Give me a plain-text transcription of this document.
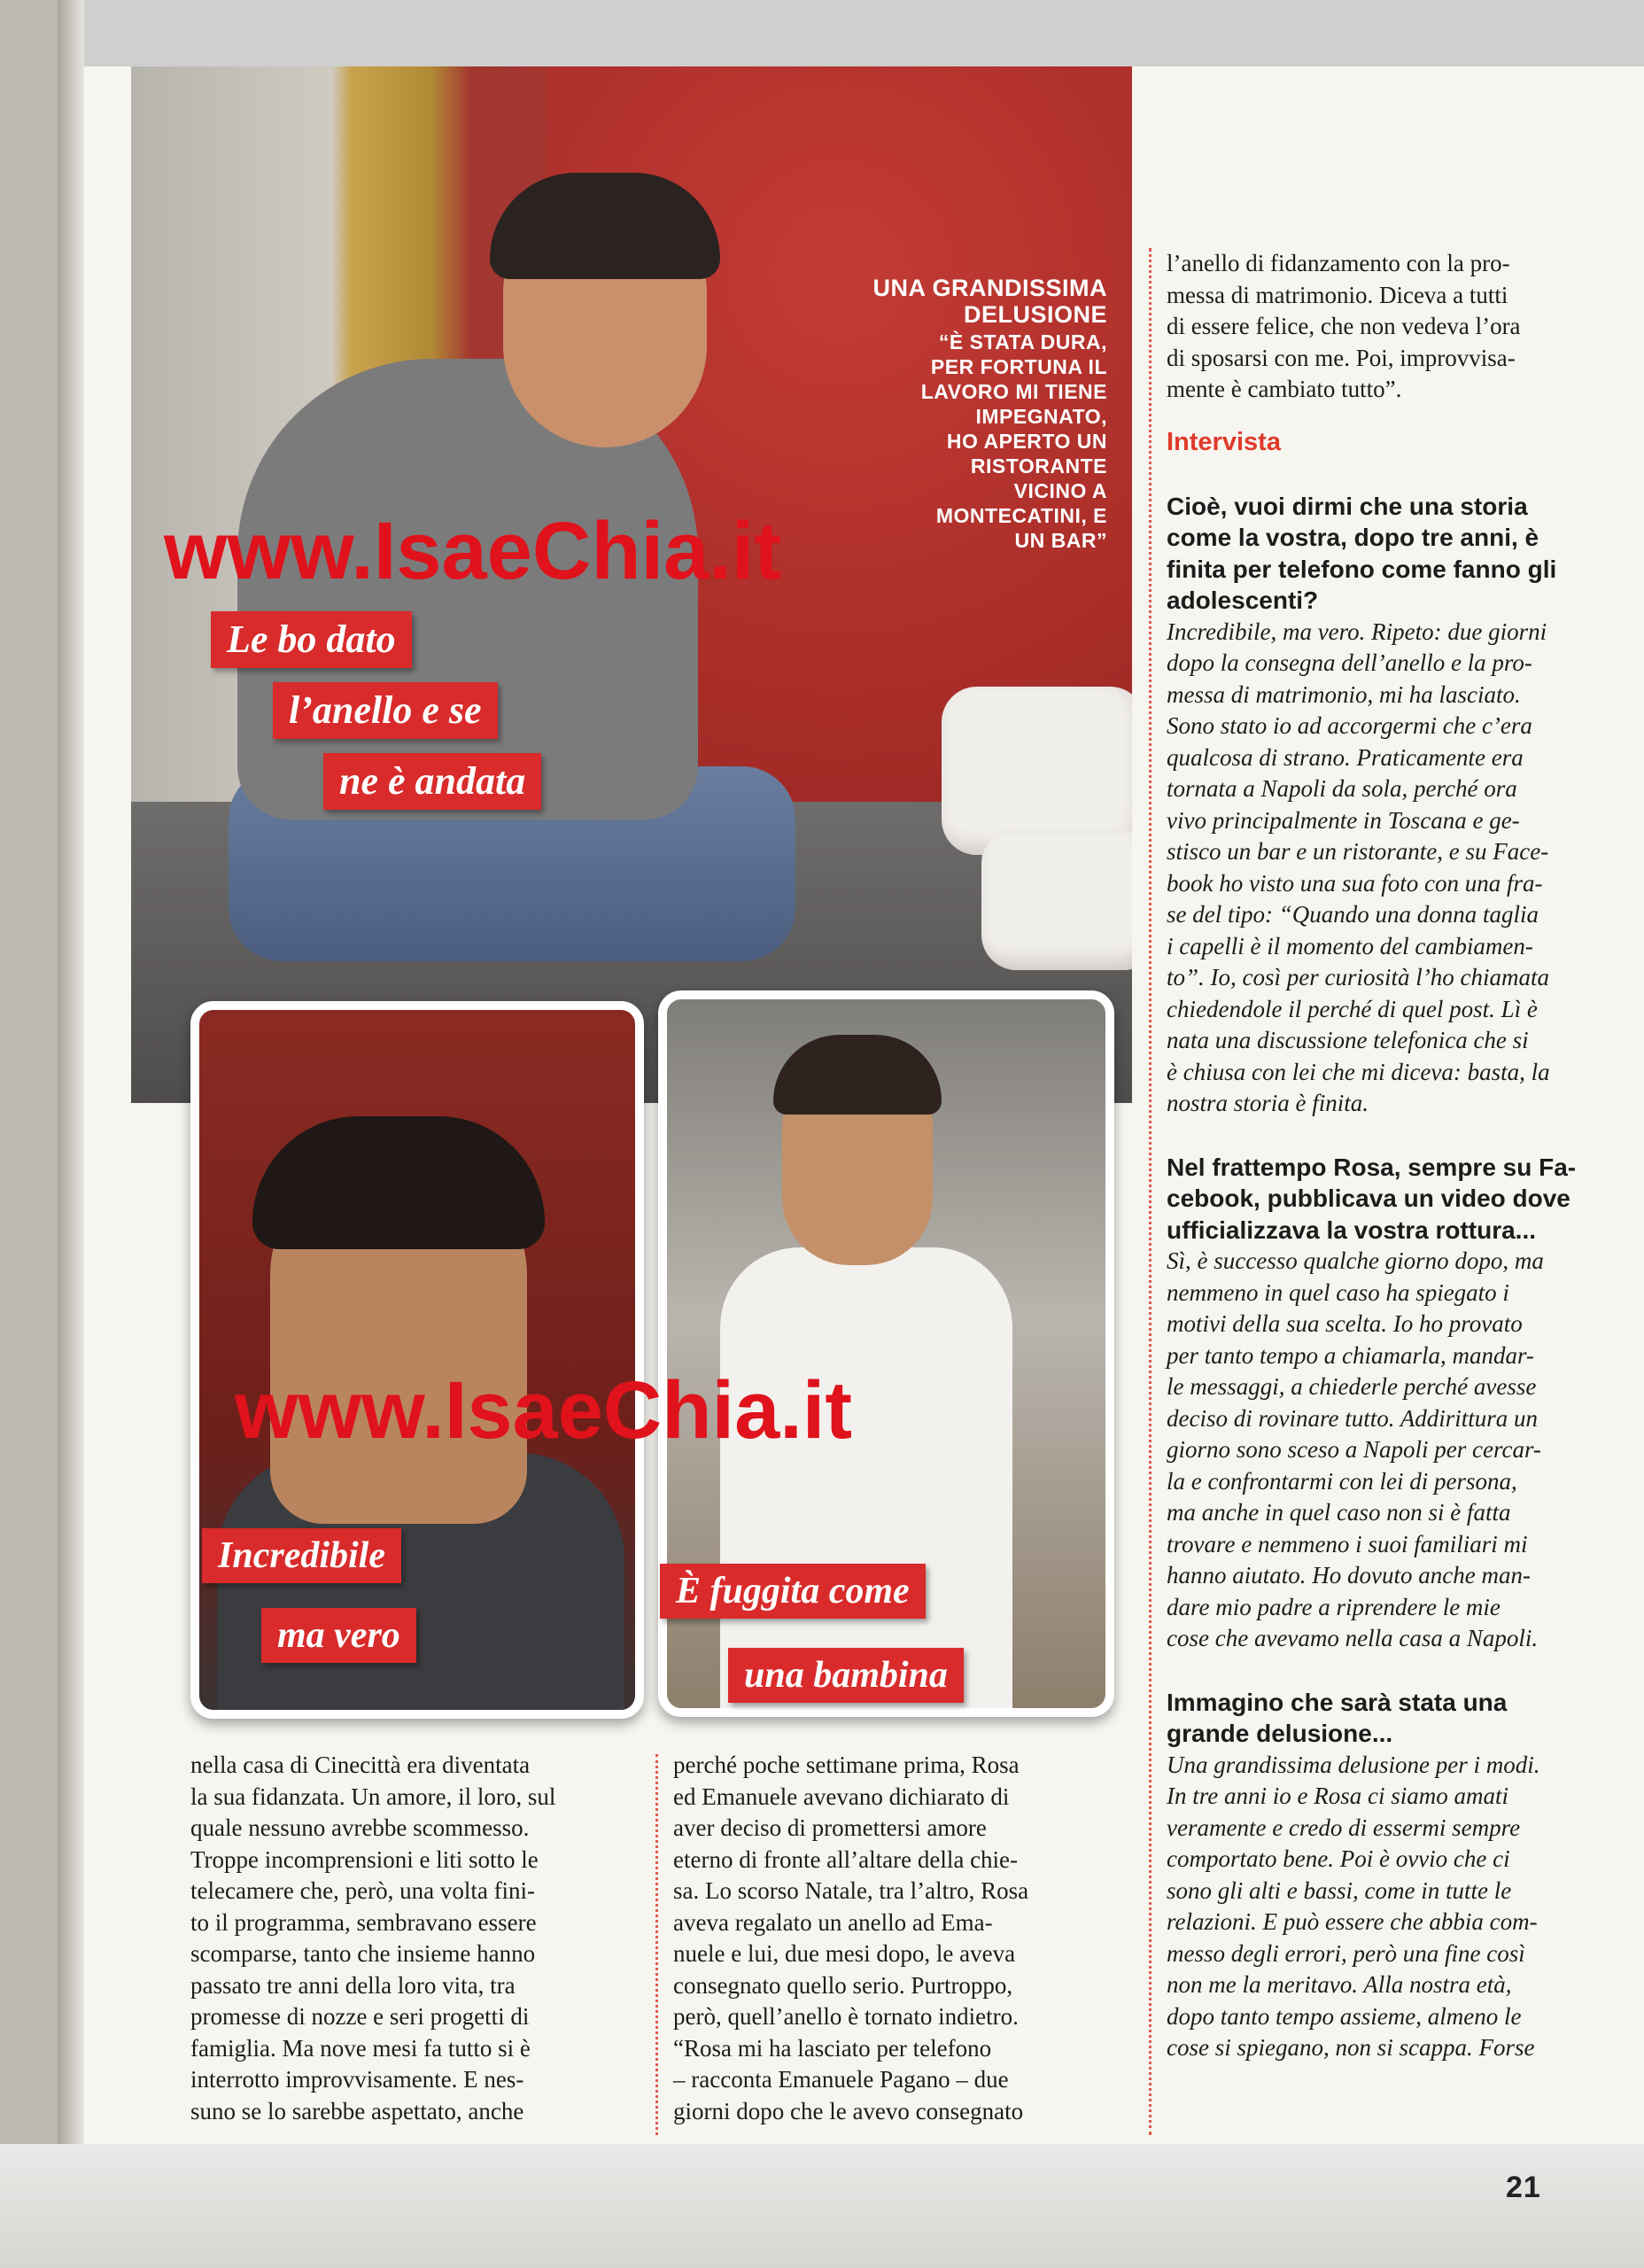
UNA GRANDISSIMA DELUSIONE
“È STATA DURA,
PER FORTUNA IL
LAVORO MI TIENE
IMPEGNATO,
HO APERTO UN
RISTORANTE
VICINO A
MONTECATINI, E
UN BAR”
Le bo dato
l’anello e se
ne è andata
Incredibile
ma vero
È fuggita come
una bambina
www.IsaeChia.it
www.IsaeChia.it

l’anello di fidanzamento con la pro-

messa di matrimonio. Diceva a tutti

di essere felice, che non vedeva l’ora

di sposarsi con me. Poi, improvvisa-

mente è cambiato tutto”.

Intervista

Cioè, vuoi dirmi che una storia

come la vostra, dopo tre anni, è

finita per telefono come fanno gli

adolescenti?

Incredibile, ma vero. Ripeto: due giorni

dopo la consegna dell’anello e la pro-

messa di matrimonio, mi ha lasciato.

Sono stato io ad accorgermi che c’era

qualcosa di strano. Praticamente era

tornata a Napoli da sola, perché ora

vivo principalmente in Toscana e ge-

stisco un bar e un ristorante, e su Face-

book ho visto una sua foto con una fra-

se del tipo: “Quando una donna taglia

i capelli è il momento del cambiamen-

to”. Io, così per curiosità l’ho chiamata

chiedendole il perché di quel post. Lì è

nata una discussione telefonica che si

è chiusa con lei che mi diceva: basta, la

nostra storia è finita.

Nel frattempo Rosa, sempre su Fa-

cebook, pubblicava un video dove

ufficializzava la vostra rottura...

Sì, è successo qualche giorno dopo, ma

nemmeno in quel caso ha spiegato i

motivi della sua scelta. Io ho provato

per tanto tempo a chiamarla, mandar-

le messaggi, a chiederle perché avesse

deciso di rovinare tutto. Addirittura un

giorno sono sceso a Napoli per cercar-

la e confrontarmi con lei di persona,

ma anche in quel caso non si è fatta

trovare e nemmeno i suoi familiari mi

hanno aiutato. Ho dovuto anche man-

dare mio padre a riprendere le mie

cose che avevamo nella casa a Napoli.

Immagino che sarà stata una

grande delusione...

Una grandissima delusione per i modi.

In tre anni io e Rosa ci siamo amati

veramente e credo di essermi sempre

comportato bene. Poi è ovvio che ci

sono gli alti e bassi, come in tutte le

relazioni. E può essere che abbia com-

messo degli errori, però una fine così

non me la meritavo. Alla nostra età,

dopo tanto tempo assieme, almeno le

cose si spiegano, non si scappa. Forse

nella casa di Cinecittà era diventata

la sua fidanzata. Un amore, il loro, sul

quale nessuno avrebbe scommesso.

Troppe incomprensioni e liti sotto le

telecamere che, però, una volta fini-

to il programma, sembravano essere

scomparse, tanto che insieme hanno

passato tre anni della loro vita, tra

promesse di nozze e seri progetti di

famiglia. Ma nove mesi fa tutto si è

interrotto improvvisamente. E nes-

suno se lo sarebbe aspettato, anche

perché poche settimane prima, Rosa

ed Emanuele avevano dichiarato di

aver deciso di promettersi amore

eterno di fronte all’altare della chie-

sa. Lo scorso Natale, tra l’altro, Rosa

aveva regalato un anello ad Ema-

nuele e lui, due mesi dopo, le aveva

consegnato quello serio. Purtroppo,

però, quell’anello è tornato indietro.

“Rosa mi ha lasciato per telefono

– racconta Emanuele Pagano – due

giorni dopo che le avevo consegnato

21
